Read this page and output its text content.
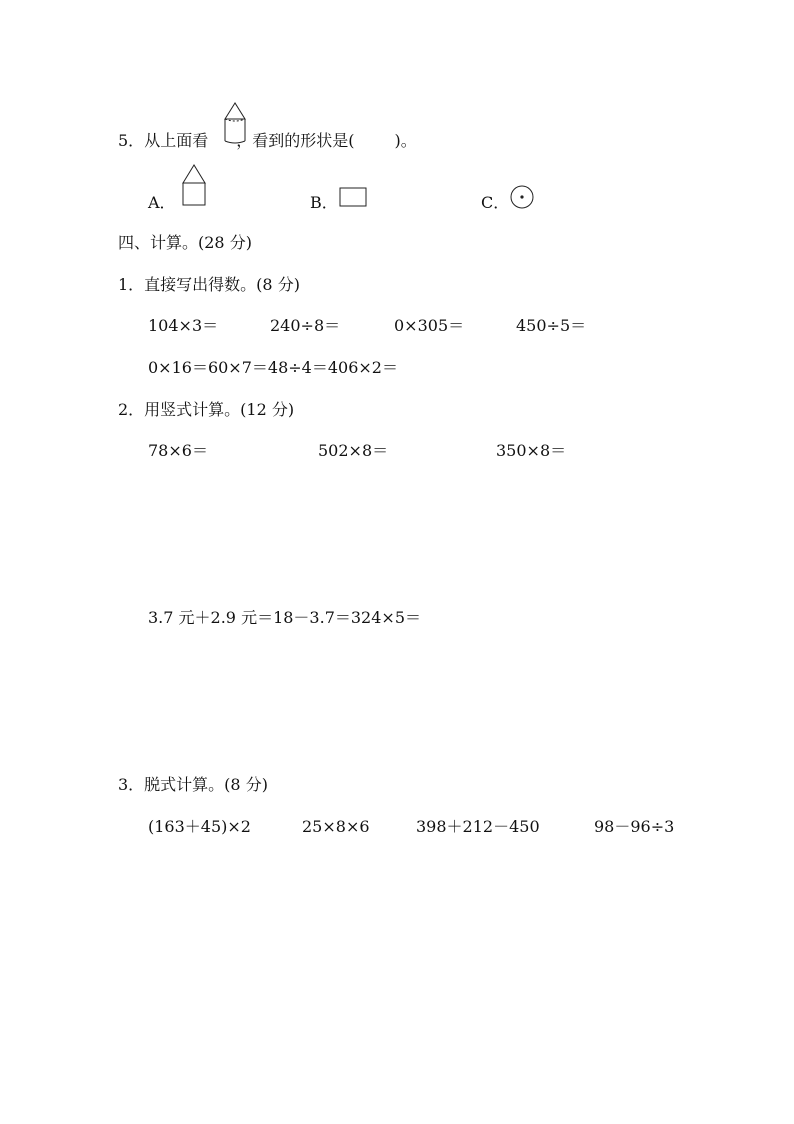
5．从上面看 ，看到的形状是(	)。
A．	B．	C．
四、计算。(28 分)
1．直接写出得数。(8 分)
104×3＝	240÷8＝	0×305＝	450÷5＝
0×16＝60×7＝48÷4＝406×2＝
2．用竖式计算。(12 分)
78×6＝	502×8＝	350×8＝
3.7 元＋2.9 元＝18－3.7＝324×5＝
3．脱式计算。(8 分)
(163＋45)×2	25×8×6	398＋212－450	98－96÷3
